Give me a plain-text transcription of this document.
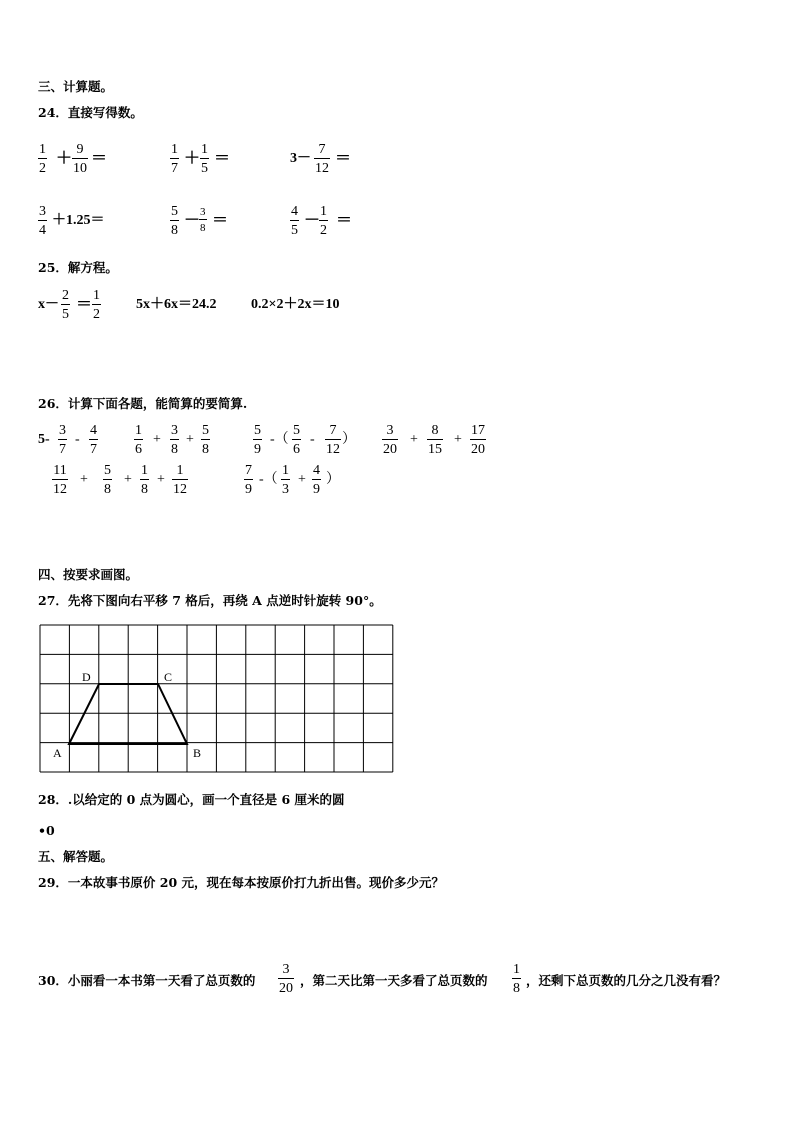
三、计算题。
24．直接写得数。
1
2
＋
9
10
＝
1
7
＋
1
5
＝	3－
7
12
＝
3
4
＋1.25＝
5
8
－ 3
8 ＝
4
5
－
1
2
＝
25．解方程。
x－
2
5
＝
1
2
5x＋6x＝24.2 0.2×2＋2x＝10
26．计算下面各题，能简算的要简算.
5-
3
7
-
4
7
1
6
+
3
8
+
5
8
5
9
-（
5
6
-
7
12
）
3
20
+
8
15
+
17
20
11
12
+
5
8
+
1
8
+
1
12
7
9
-（
1
3
+
4
9
）
四、按要求画图。
27．先将下图向右平移 7 格后，再绕 A 点逆时针旋转 90°。
A	B
C
D
28．.以给定的 0 点为圆心，画一个直径是 6 厘米的圆
•0
五、解答题。
29．一本故事书原价 20 元，现在每本按原价打九折出售。现价多少元？
30．小丽看一本书第一天看了总页数的
3
20
，第二天比第一天多看了总页数的
1
8
，还剩下总页数的几分之几没有看？
